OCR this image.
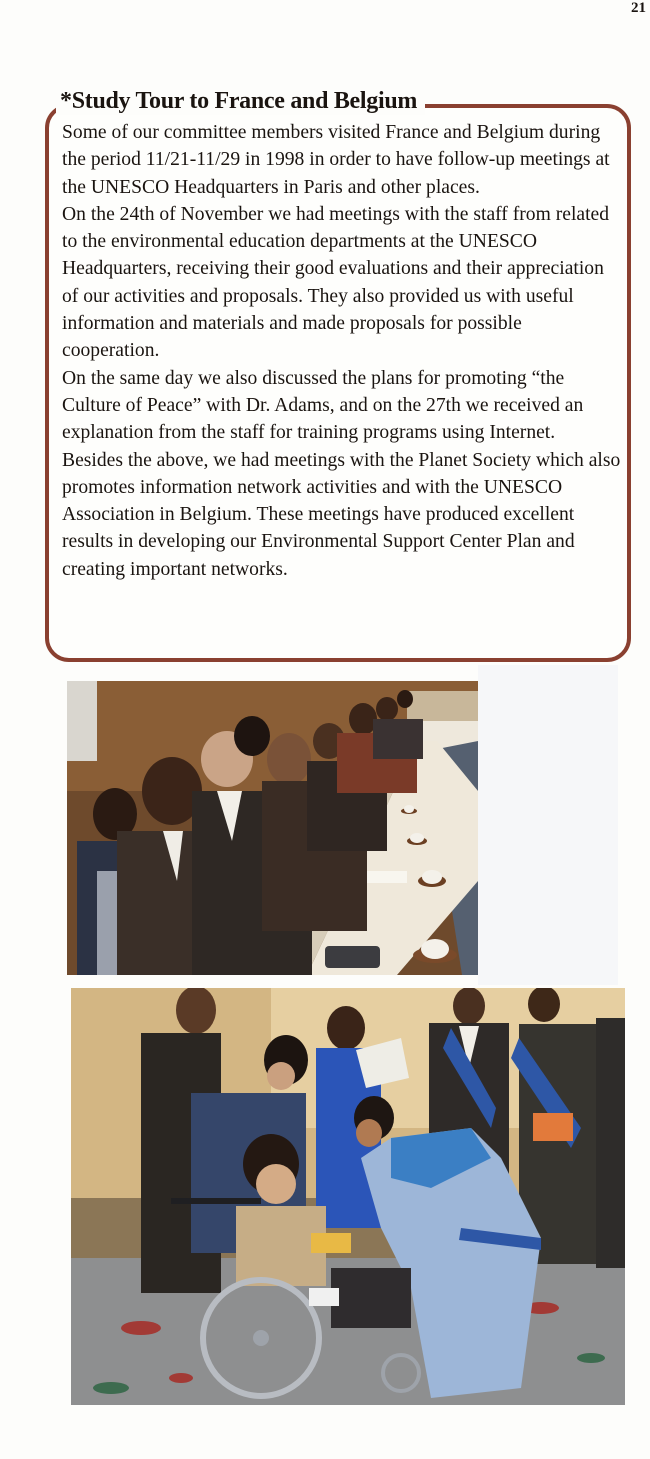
21
*Study Tour to France and Belgium

Some of our committee members visited France and Belgium during the period 11/21-11/29 in 1998 in order to have follow-up meetings at the UNESCO Headquarters in Paris and other places.

On the 24th of November we had meetings with the staff from related to the environmental education departments at the UNESCO Headquarters, receiving their good evaluations and their appreciation of our activities and proposals. They also provided us with useful information and materials and made proposals for possible cooperation.

On the same day we also discussed the plans for promoting “the Culture of Peace” with Dr. Adams, and on the 27th we received an explanation from the staff for training programs using Internet.

Besides the above, we had meetings with the Planet Society which also promotes information network activities and with the UNESCO Association in Belgium. These meetings have produced excellent results in developing our Environmental Support Center Plan and creating important networks.
